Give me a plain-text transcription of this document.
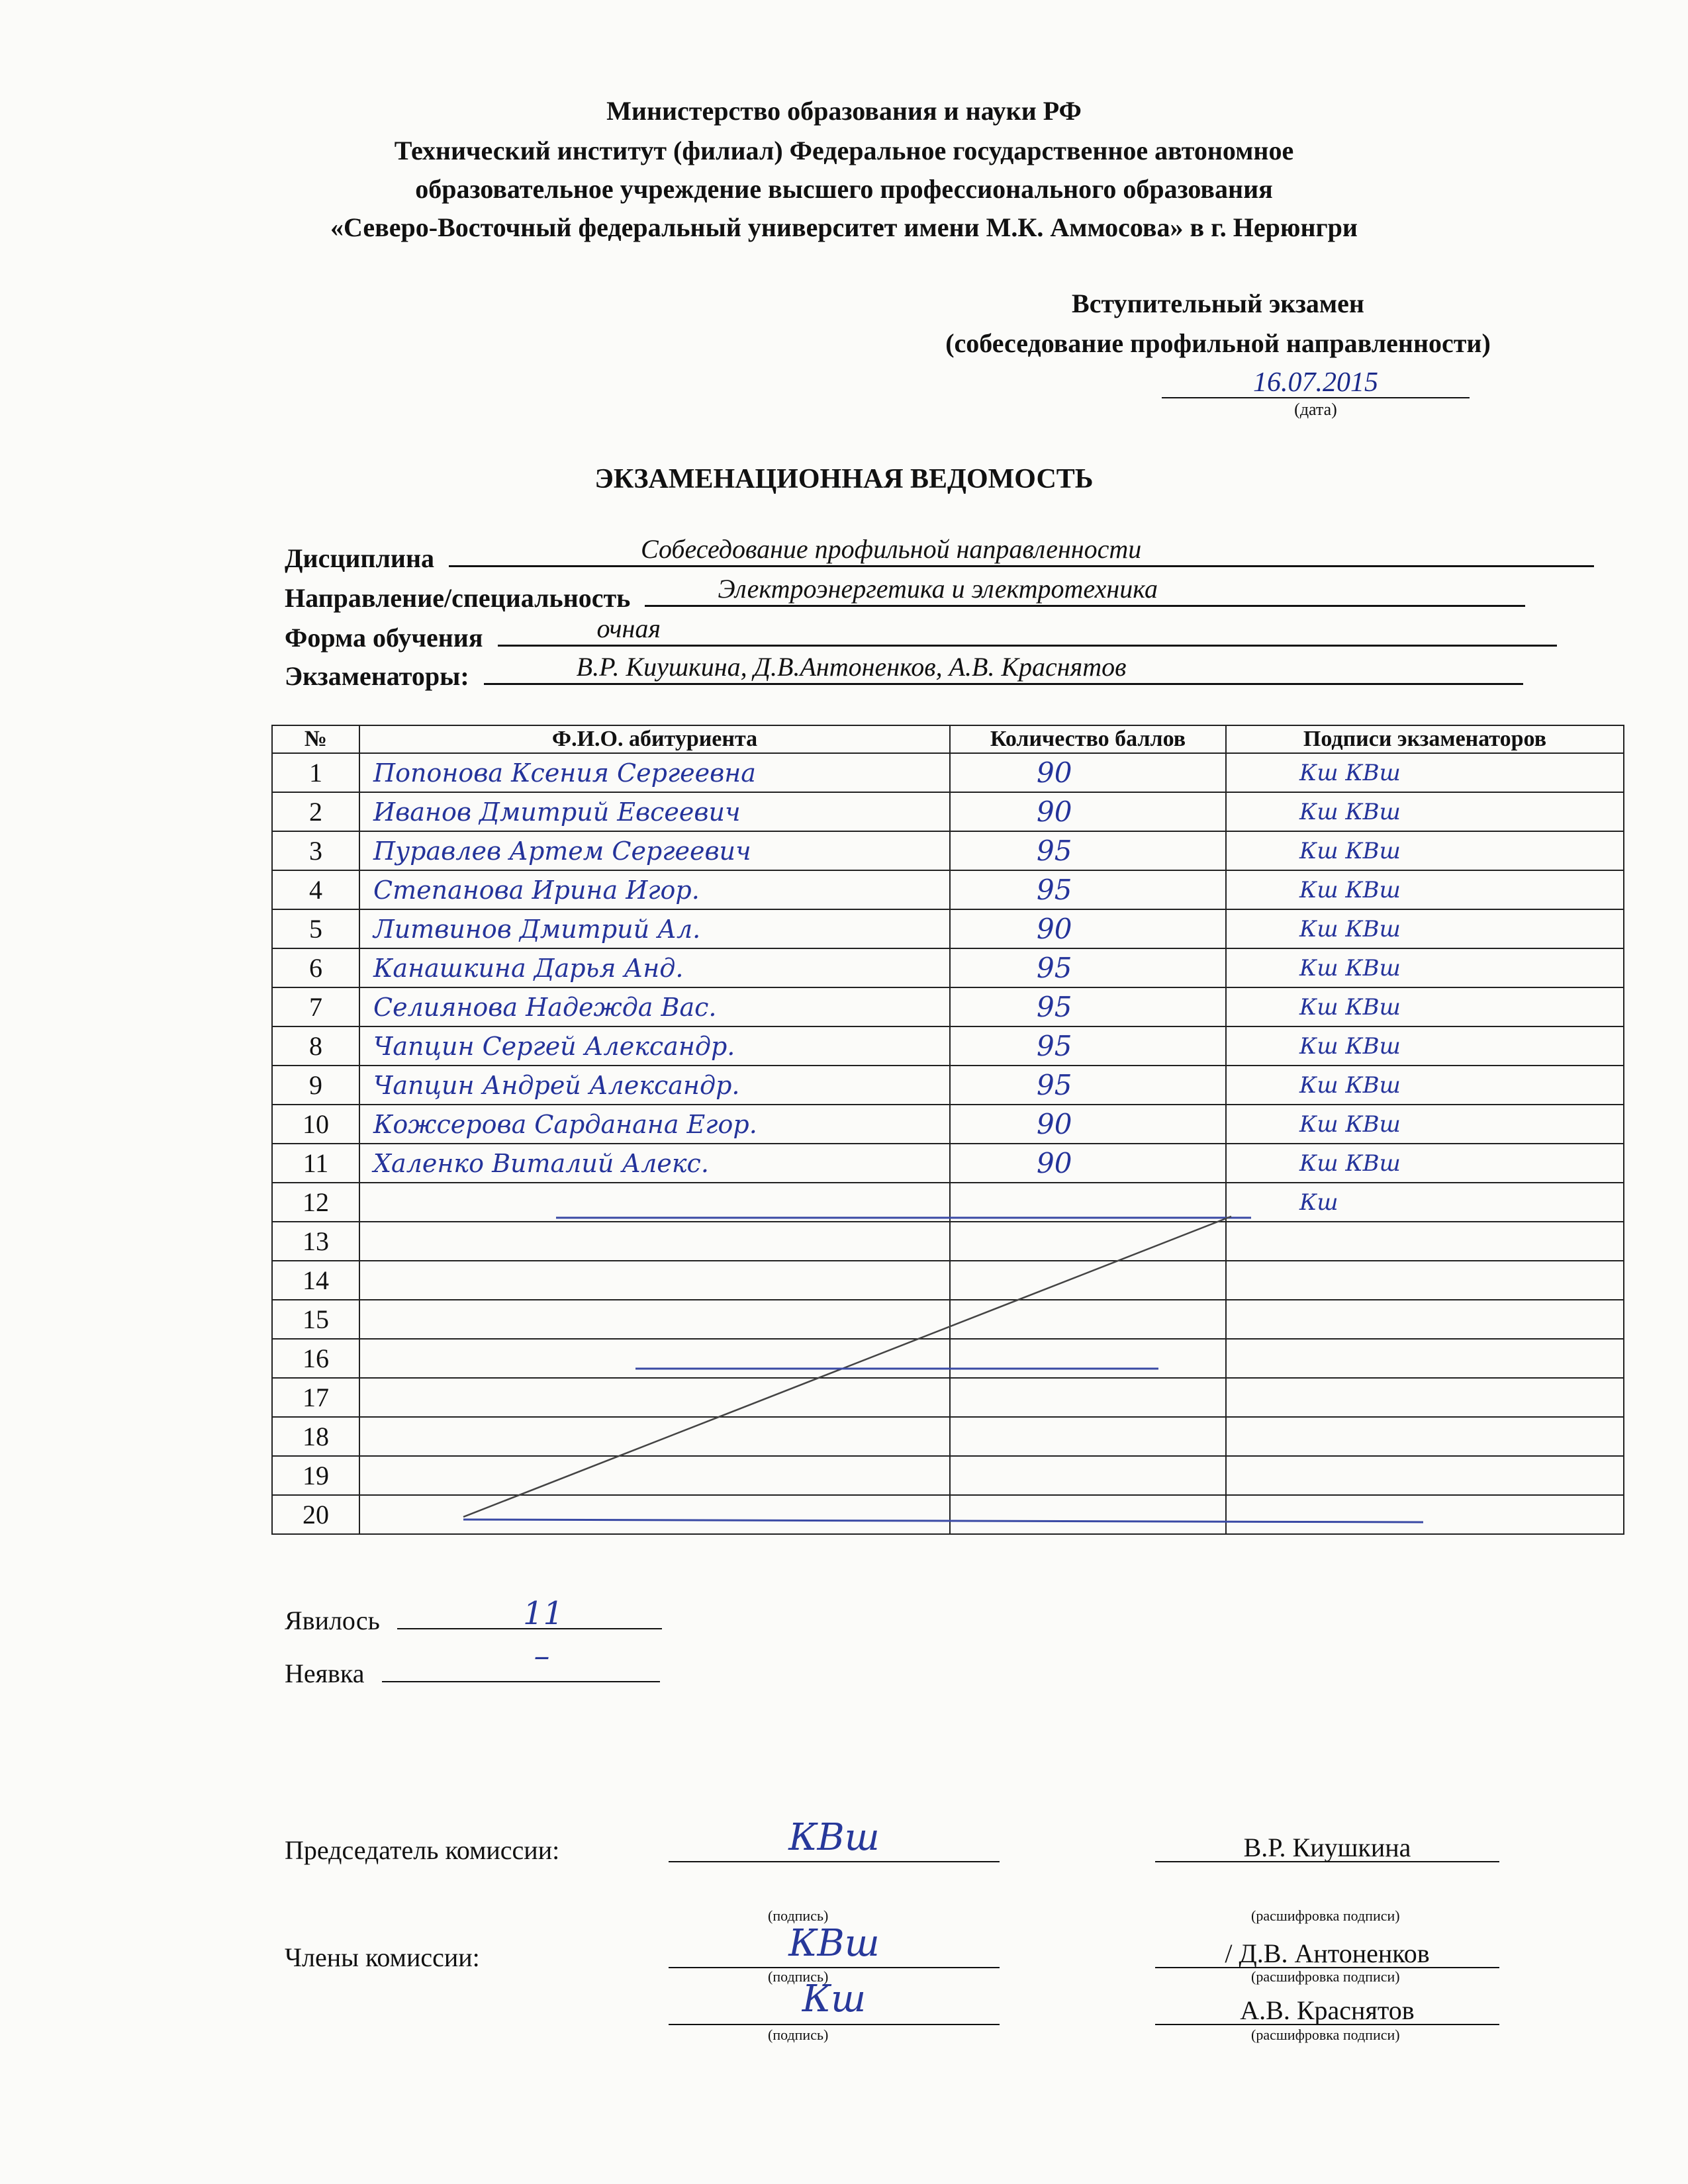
Министерство образования и науки РФ
Технический институт (филиал) Федеральное государственное автономное
образовательное учреждение высшего профессионального образования
«Северо-Восточный федеральный университет имени М.К. Аммосова» в г. Нерюнгри
Вступительный экзамен
(собеседование профильной направленности)
16.07.2015
(дата)
ЭКЗАМЕНАЦИОННАЯ ВЕДОМОСТЬ
Дисциплина	Собеседование профильной направленности
Направление/специальность	Электроэнергетика и электротехника
Форма обучения	очная
Экзаменаторы:	В.Р. Киушкина, Д.В.Антоненков, А.В. Краснятов
№	Ф.И.О. абитуриента	Количество баллов	Подписи экзаменаторов
1	Попонова Ксения Сергеевна	90	Кш КВш

2	Иванов Дмитрий Евсеевич	90	Кш КВш

3	Пуравлев Артем Сергеевич	95	Кш КВш

4	Степанова Ирина Игор.	95	Кш КВш

5	Литвинов Дмитрий Ал.	90	Кш КВш

6	Канашкина Дарья Анд.	95	Кш КВш

7	Селиянова Надежда Вас.	95	Кш КВш

8	Чапцин Сергей Александр.	95	Кш КВш

9	Чапцин Андрей Александр.	95	Кш КВш

10	Кожсерова Сарданана Егор.	90	Кш КВш

11	Халенко Виталий Алекс.	90	Кш КВш

12			Кш

13	

14	

15	

16	

17	

18	

19	

20	

Явилось	11
Неявка	–
Председатель комиссии:	КВш	В.Р. Киушкина
(подпись)	(расшифровка подписи)
Члены комиссии:	КВш	/ Д.В. Антоненков
(подпись)	(расшифровка подписи)
Кш	А.В. Краснятов
(подпись)	(расшифровка подписи)
